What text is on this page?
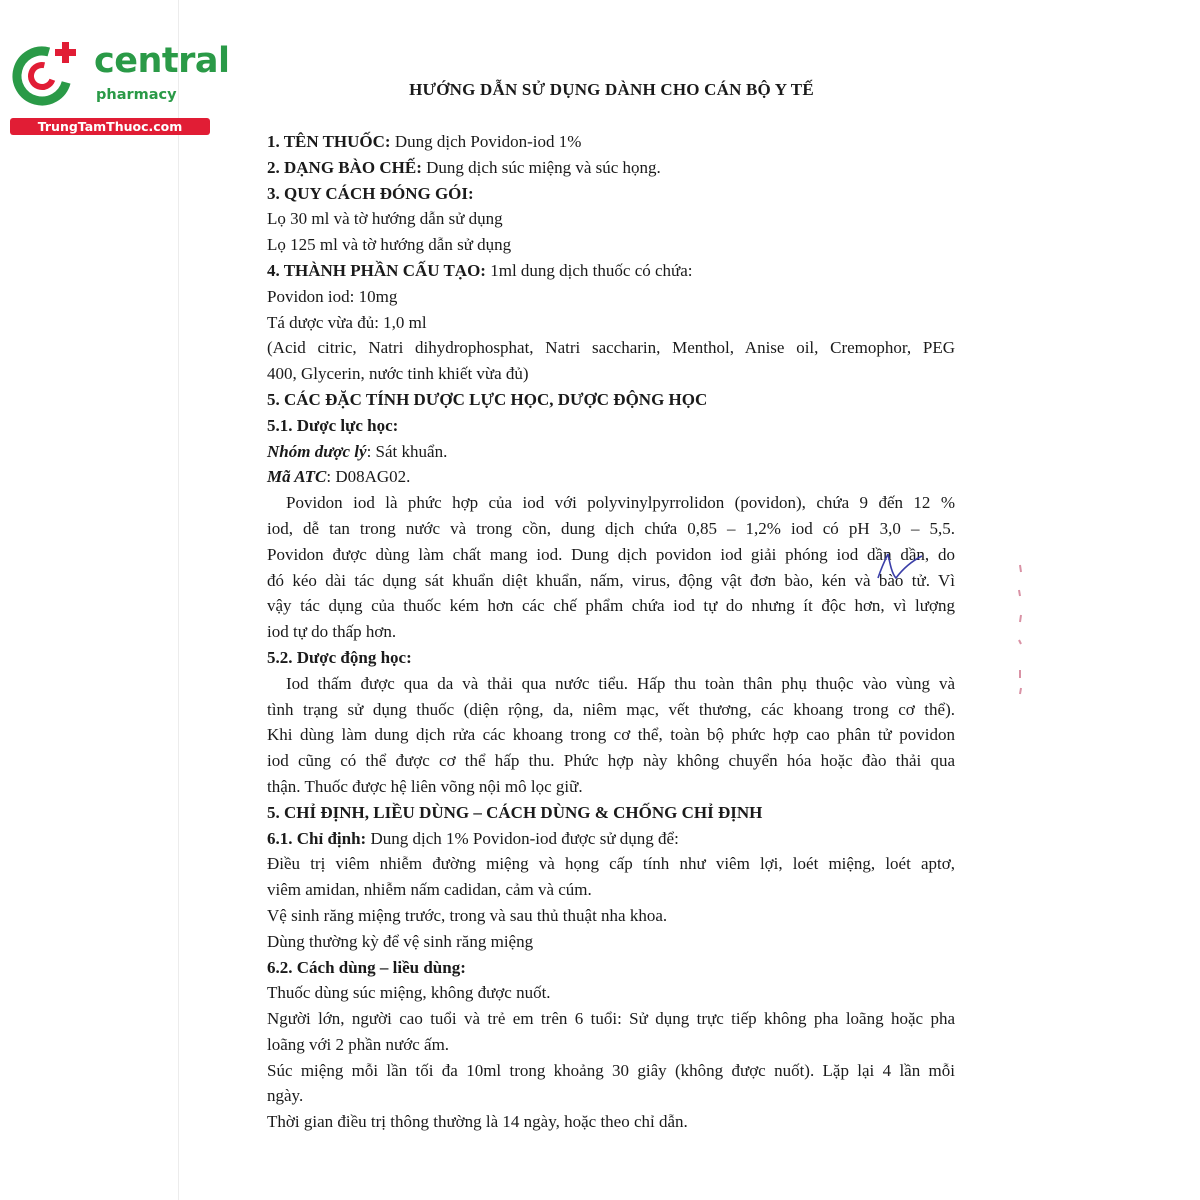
central
pharmacy
TrungTamThuoc.com
HƯỚNG DẪN SỬ DỤNG DÀNH CHO CÁN BỘ Y TẾ

1. TÊN THUỐC: Dung dịch Povidon-iod 1%

2. DẠNG BÀO CHẾ: Dung dịch súc miệng và súc họng.

3. QUY CÁCH ĐÓNG GÓI:

Lọ 30 ml và tờ hướng dẫn sử dụng

Lọ 125 ml và tờ hướng dẫn sử dụng

4. THÀNH PHẦN CẤU TẠO: 1ml dung dịch thuốc có chứa:

Povidon iod: 10mg

Tá dược vừa đủ: 1,0 ml

(Acid citric, Natri dihydrophosphat, Natri saccharin, Menthol, Anise oil, Cremophor, PEG

400, Glycerin, nước tinh khiết vừa đủ)

5. CÁC ĐẶC TÍNH DƯỢC LỰC HỌC, DƯỢC ĐỘNG HỌC

5.1. Dược lực học:

Nhóm dược lý: Sát khuẩn.

Mã ATC: D08AG02.

Povidon iod là phức hợp của iod với polyvinylpyrrolidon (povidon), chứa 9 đến 12 %

iod, dễ tan trong nước và trong cồn, dung dịch chứa 0,85 – 1,2% iod có pH 3,0 – 5,5.

Povidon được dùng làm chất mang iod. Dung dịch povidon iod giải phóng iod dần dần, do

đó kéo dài tác dụng sát khuẩn diệt khuẩn, nấm, virus, động vật đơn bào, kén và bào tử. Vì

vậy tác dụng của thuốc kém hơn các chế phẩm chứa iod tự do nhưng ít độc hơn, vì lượng

iod tự do thấp hơn.

5.2. Dược động học:

Iod thấm được qua da và thải qua nước tiểu. Hấp thu toàn thân phụ thuộc vào vùng và

tình trạng sử dụng thuốc (diện rộng, da, niêm mạc, vết thương, các khoang trong cơ thể).

Khi dùng làm dung dịch rửa các khoang trong cơ thể, toàn bộ phức hợp cao phân tử povidon

iod cũng có thể được cơ thể hấp thu. Phức hợp này không chuyển hóa hoặc đào thải qua

thận. Thuốc được hệ liên võng nội mô lọc giữ.

5. CHỈ ĐỊNH, LIỀU DÙNG – CÁCH DÙNG & CHỐNG CHỈ ĐỊNH

6.1. Chỉ định: Dung dịch 1% Povidon-iod được sử dụng để:

Điều trị viêm nhiễm đường miệng và họng cấp tính như viêm lợi, loét miệng, loét aptơ,

viêm amidan, nhiễm nấm cadidan, cảm và cúm.

Vệ sinh răng miệng trước, trong và sau thủ thuật nha khoa.

Dùng thường kỳ để vệ sinh răng miệng

6.2. Cách dùng – liều dùng:

Thuốc dùng súc miệng, không được nuốt.

Người lớn, người cao tuổi và trẻ em trên 6 tuổi: Sử dụng trực tiếp không pha loãng hoặc pha

loãng với 2 phần nước ấm.

Súc miệng mỗi lần tối đa 10ml trong khoảng 30 giây (không được nuốt). Lặp lại 4 lần mỗi

ngày.

Thời gian điều trị thông thường là 14 ngày, hoặc theo chỉ dẫn.
